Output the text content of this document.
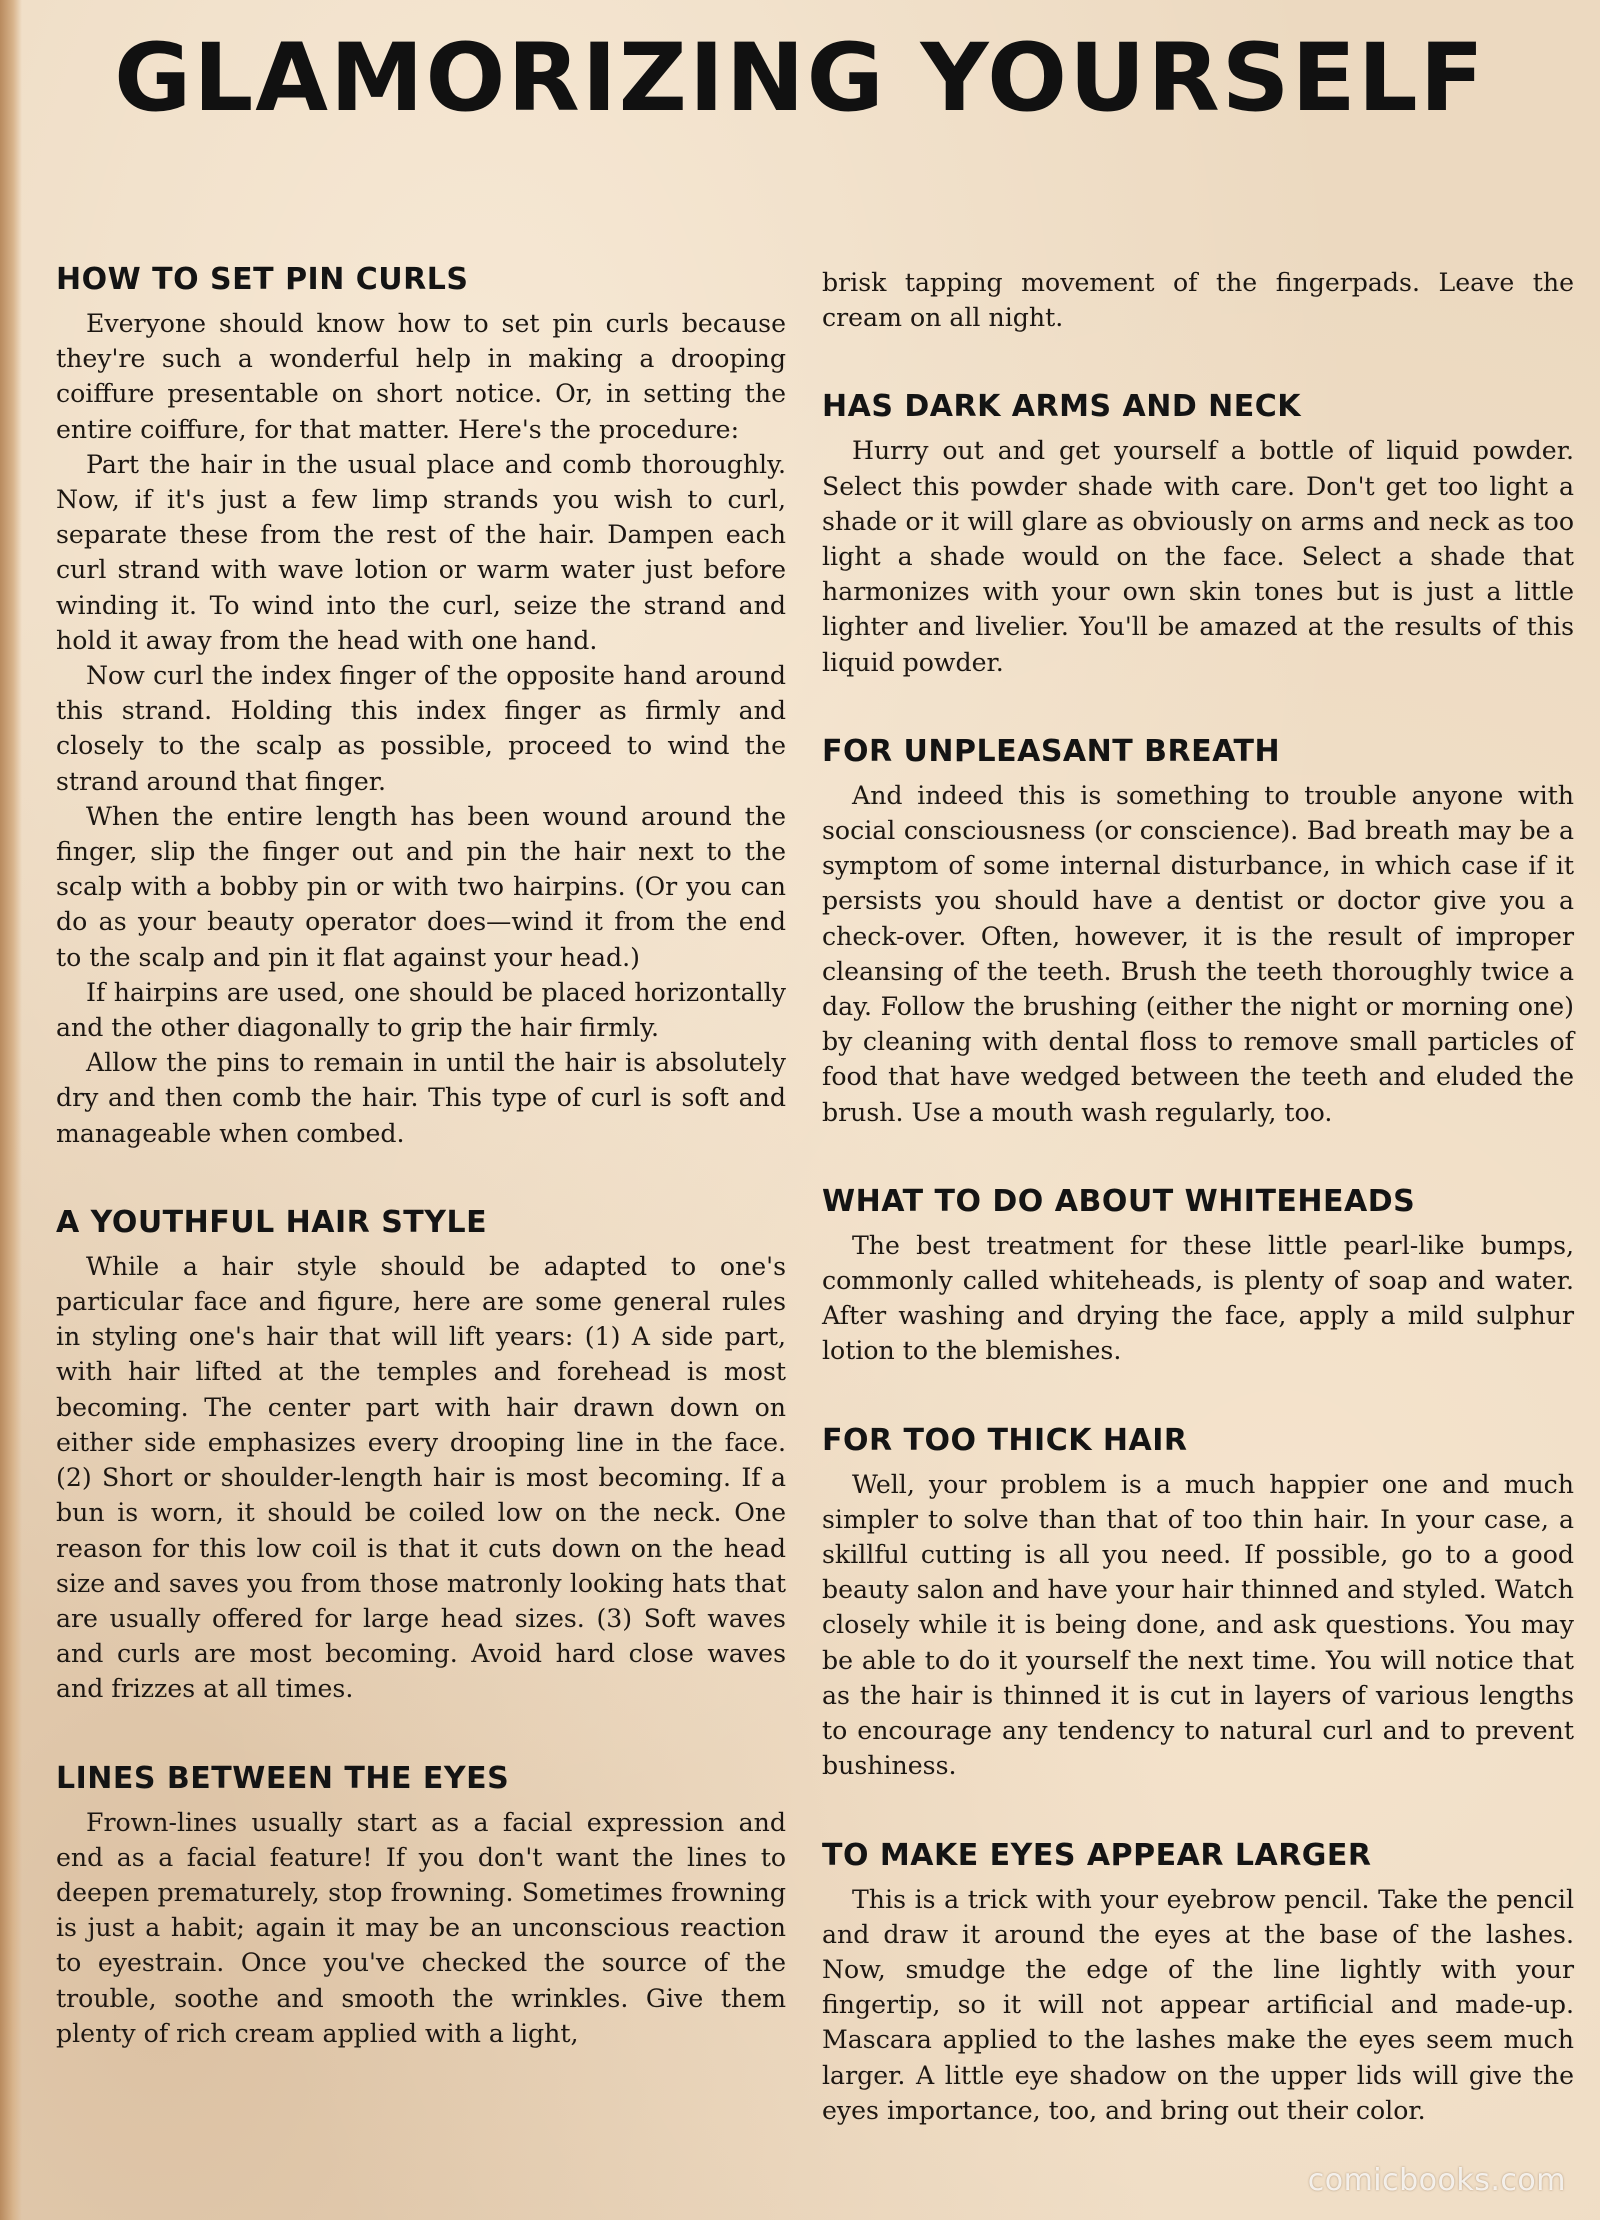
GLAMORIZING YOURSELF
HOW TO SET PIN CURLS

Everyone should know how to set pin curls because they're such a wonderful help in making a drooping coiffure presentable on short notice. Or, in setting the entire coiffure, for that matter. Here's the procedure:

Part the hair in the usual place and comb thoroughly. Now, if it's just a few limp strands you wish to curl, separate these from the rest of the hair. Dampen each curl strand with wave lotion or warm water just before winding it. To wind into the curl, seize the strand and hold it away from the head with one hand.

Now curl the index finger of the opposite hand around this strand. Holding this index finger as firmly and closely to the scalp as possible, proceed to wind the strand around that finger.

When the entire length has been wound around the finger, slip the finger out and pin the hair next to the scalp with a bobby pin or with two hairpins. (Or you can do as your beauty operator does—wind it from the end to the scalp and pin it flat against your head.)

If hairpins are used, one should be placed horizontally and the other diagonally to grip the hair firmly.

Allow the pins to remain in until the hair is absolutely dry and then comb the hair. This type of curl is soft and manageable when combed.

A YOUTHFUL HAIR STYLE

While a hair style should be adapted to one's particular face and figure, here are some general rules in styling one's hair that will lift years: (1) A side part, with hair lifted at the temples and forehead is most becoming. The center part with hair drawn down on either side emphasizes every drooping line in the face. (2) Short or shoulder-length hair is most becoming. If a bun is worn, it should be coiled low on the neck. One reason for this low coil is that it cuts down on the head size and saves you from those matronly looking hats that are usually offered for large head sizes. (3) Soft waves and curls are most becoming. Avoid hard close waves and frizzes at all times.

LINES BETWEEN THE EYES

Frown-lines usually start as a facial expression and end as a facial feature! If you don't want the lines to deepen prematurely, stop frowning. Sometimes frowning is just a habit; again it may be an unconscious reaction to eyestrain. Once you've checked the source of the trouble, soothe and smooth the wrinkles. Give them plenty of rich cream applied with a light,

brisk tapping movement of the fingerpads. Leave the cream on all night.

HAS DARK ARMS AND NECK

Hurry out and get yourself a bottle of liquid powder. Select this powder shade with care. Don't get too light a shade or it will glare as obviously on arms and neck as too light a shade would on the face. Select a shade that harmonizes with your own skin tones but is just a little lighter and livelier. You'll be amazed at the results of this liquid powder.

FOR UNPLEASANT BREATH

And indeed this is something to trouble anyone with social consciousness (or conscience). Bad breath may be a symptom of some internal disturbance, in which case if it persists you should have a dentist or doctor give you a check-over. Often, however, it is the result of improper cleansing of the teeth. Brush the teeth thoroughly twice a day. Follow the brushing (either the night or morning one) by cleaning with dental floss to remove small particles of food that have wedged between the teeth and eluded the brush. Use a mouth wash regularly, too.

WHAT TO DO ABOUT WHITEHEADS

The best treatment for these little pearl-like bumps, commonly called whiteheads, is plenty of soap and water. After washing and drying the face, apply a mild sulphur lotion to the blemishes.

FOR TOO THICK HAIR

Well, your problem is a much happier one and much simpler to solve than that of too thin hair. In your case, a skillful cutting is all you need. If possible, go to a good beauty salon and have your hair thinned and styled. Watch closely while it is being done, and ask questions. You may be able to do it yourself the next time. You will notice that as the hair is thinned it is cut in layers of various lengths to encourage any tendency to natural curl and to prevent bushiness.

TO MAKE EYES APPEAR LARGER

This is a trick with your eyebrow pencil. Take the pencil and draw it around the eyes at the base of the lashes. Now, smudge the edge of the line lightly with your fingertip, so it will not appear artificial and made-up. Mascara applied to the lashes make the eyes seem much larger. A little eye shadow on the upper lids will give the eyes importance, too, and bring out their color.

comicbooks.com
